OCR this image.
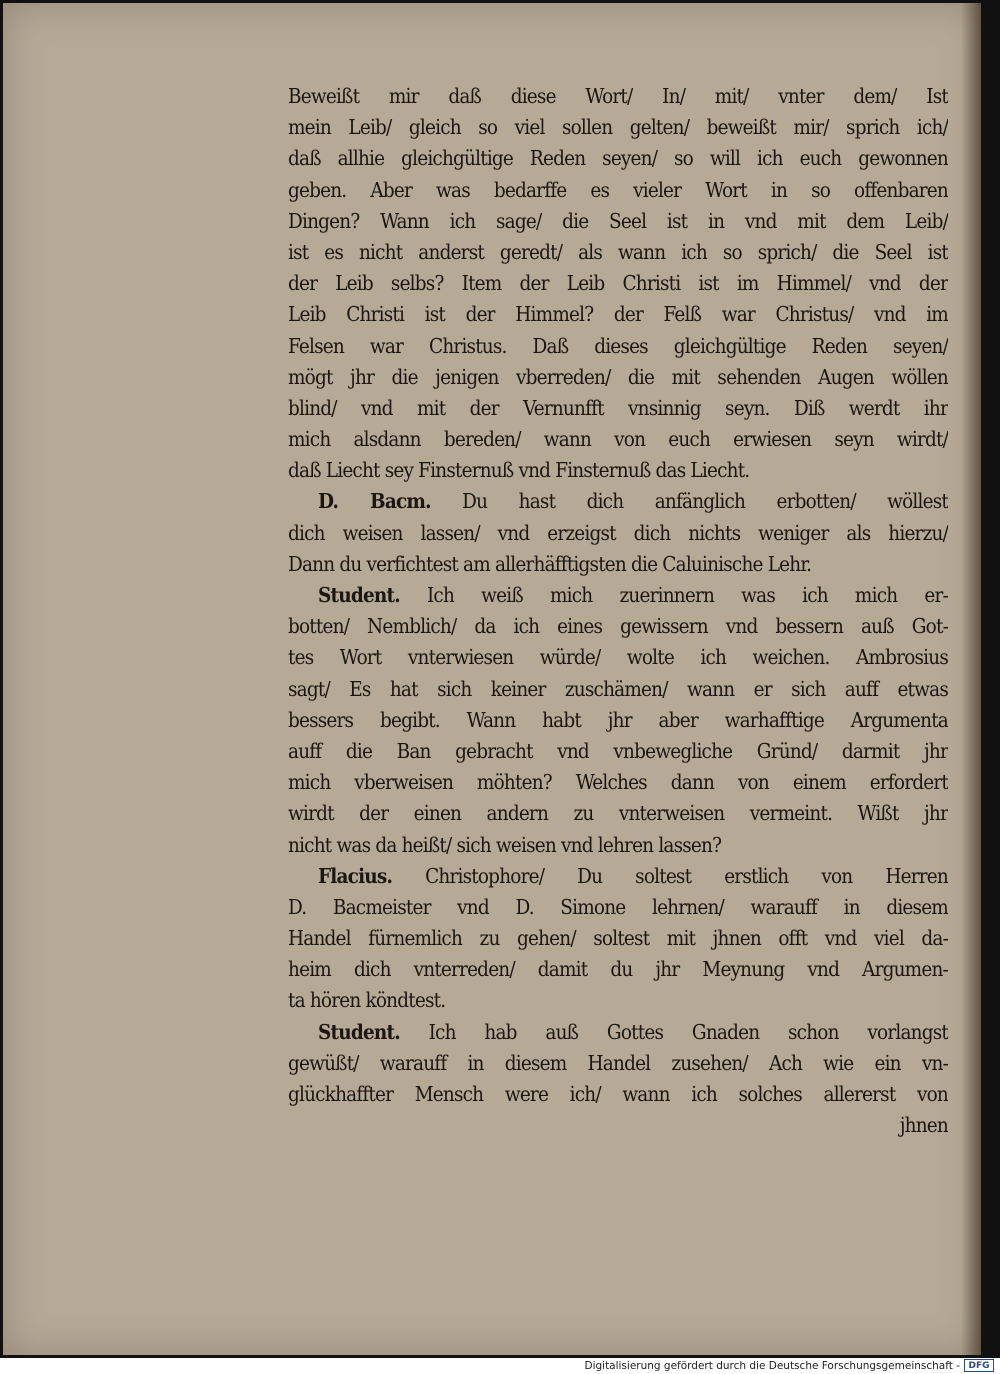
Beweißt mir daß diese Wort/ In/ mit/ vnter dem/ Ist
mein Leib/ gleich so viel sollen gelten/ beweißt mir/ sprich ich/
daß allhie gleichgültige Reden seyen/ so will ich euch gewonnen
geben. Aber was bedarffe es vieler Wort in so offenbaren
Dingen? Wann ich sage/ die Seel ist in vnd mit dem Leib/
ist es nicht anderst geredt/ als wann ich so sprich/ die Seel ist
der Leib selbs? Item der Leib Christi ist im Himmel/ vnd der
Leib Christi ist der Himmel? der Felß war Christus/ vnd im
Felsen war Christus. Daß dieses gleichgültige Reden seyen/
mögt jhr die jenigen vberreden/ die mit sehenden Augen wöllen
blind/ vnd mit der Vernunfft vnsinnig seyn. Diß werdt ihr
mich alsdann bereden/ wann von euch erwiesen seyn wirdt/
daß Liecht sey Finsternuß vnd Finsternuß das Liecht.
D. Bacm. Du hast dich anfänglich erbotten/ wöllest
dich weisen lassen/ vnd erzeigst dich nichts weniger als hierzu/
Dann du verfichtest am allerhäfftigsten die Caluinische Lehr.
Student. Ich weiß mich zuerinnern was ich mich er-
botten/ Nemblich/ da ich eines gewissern vnd bessern auß Got-
tes Wort vnterwiesen würde/ wolte ich weichen. Ambrosius
sagt/ Es hat sich keiner zuschämen/ wann er sich auff etwas
bessers begibt. Wann habt jhr aber warhafftige Argumenta
auff die Ban gebracht vnd vnbewegliche Gründ/ darmit jhr
mich vberweisen möhten? Welches dann von einem erfordert
wirdt der einen andern zu vnterweisen vermeint. Wißt jhr
nicht was da heißt/ sich weisen vnd lehren lassen?
Flacius. Christophore/ Du soltest erstlich von Herren
D. Bacmeister vnd D. Simone lehrnen/ warauff in diesem
Handel fürnemlich zu gehen/ soltest mit jhnen offt vnd viel da-
heim dich vnterreden/ damit du jhr Meynung vnd Argumen-
ta hören köndtest.
Student. Ich hab auß Gottes Gnaden schon vorlangst
gewüßt/ warauff in diesem Handel zusehen/ Ach wie ein vn-
glückhaffter Mensch were ich/ wann ich solches allererst von
jhnen
Digitalisierung gefördert durch die Deutsche Forschungsgemeinschaft - DFG
